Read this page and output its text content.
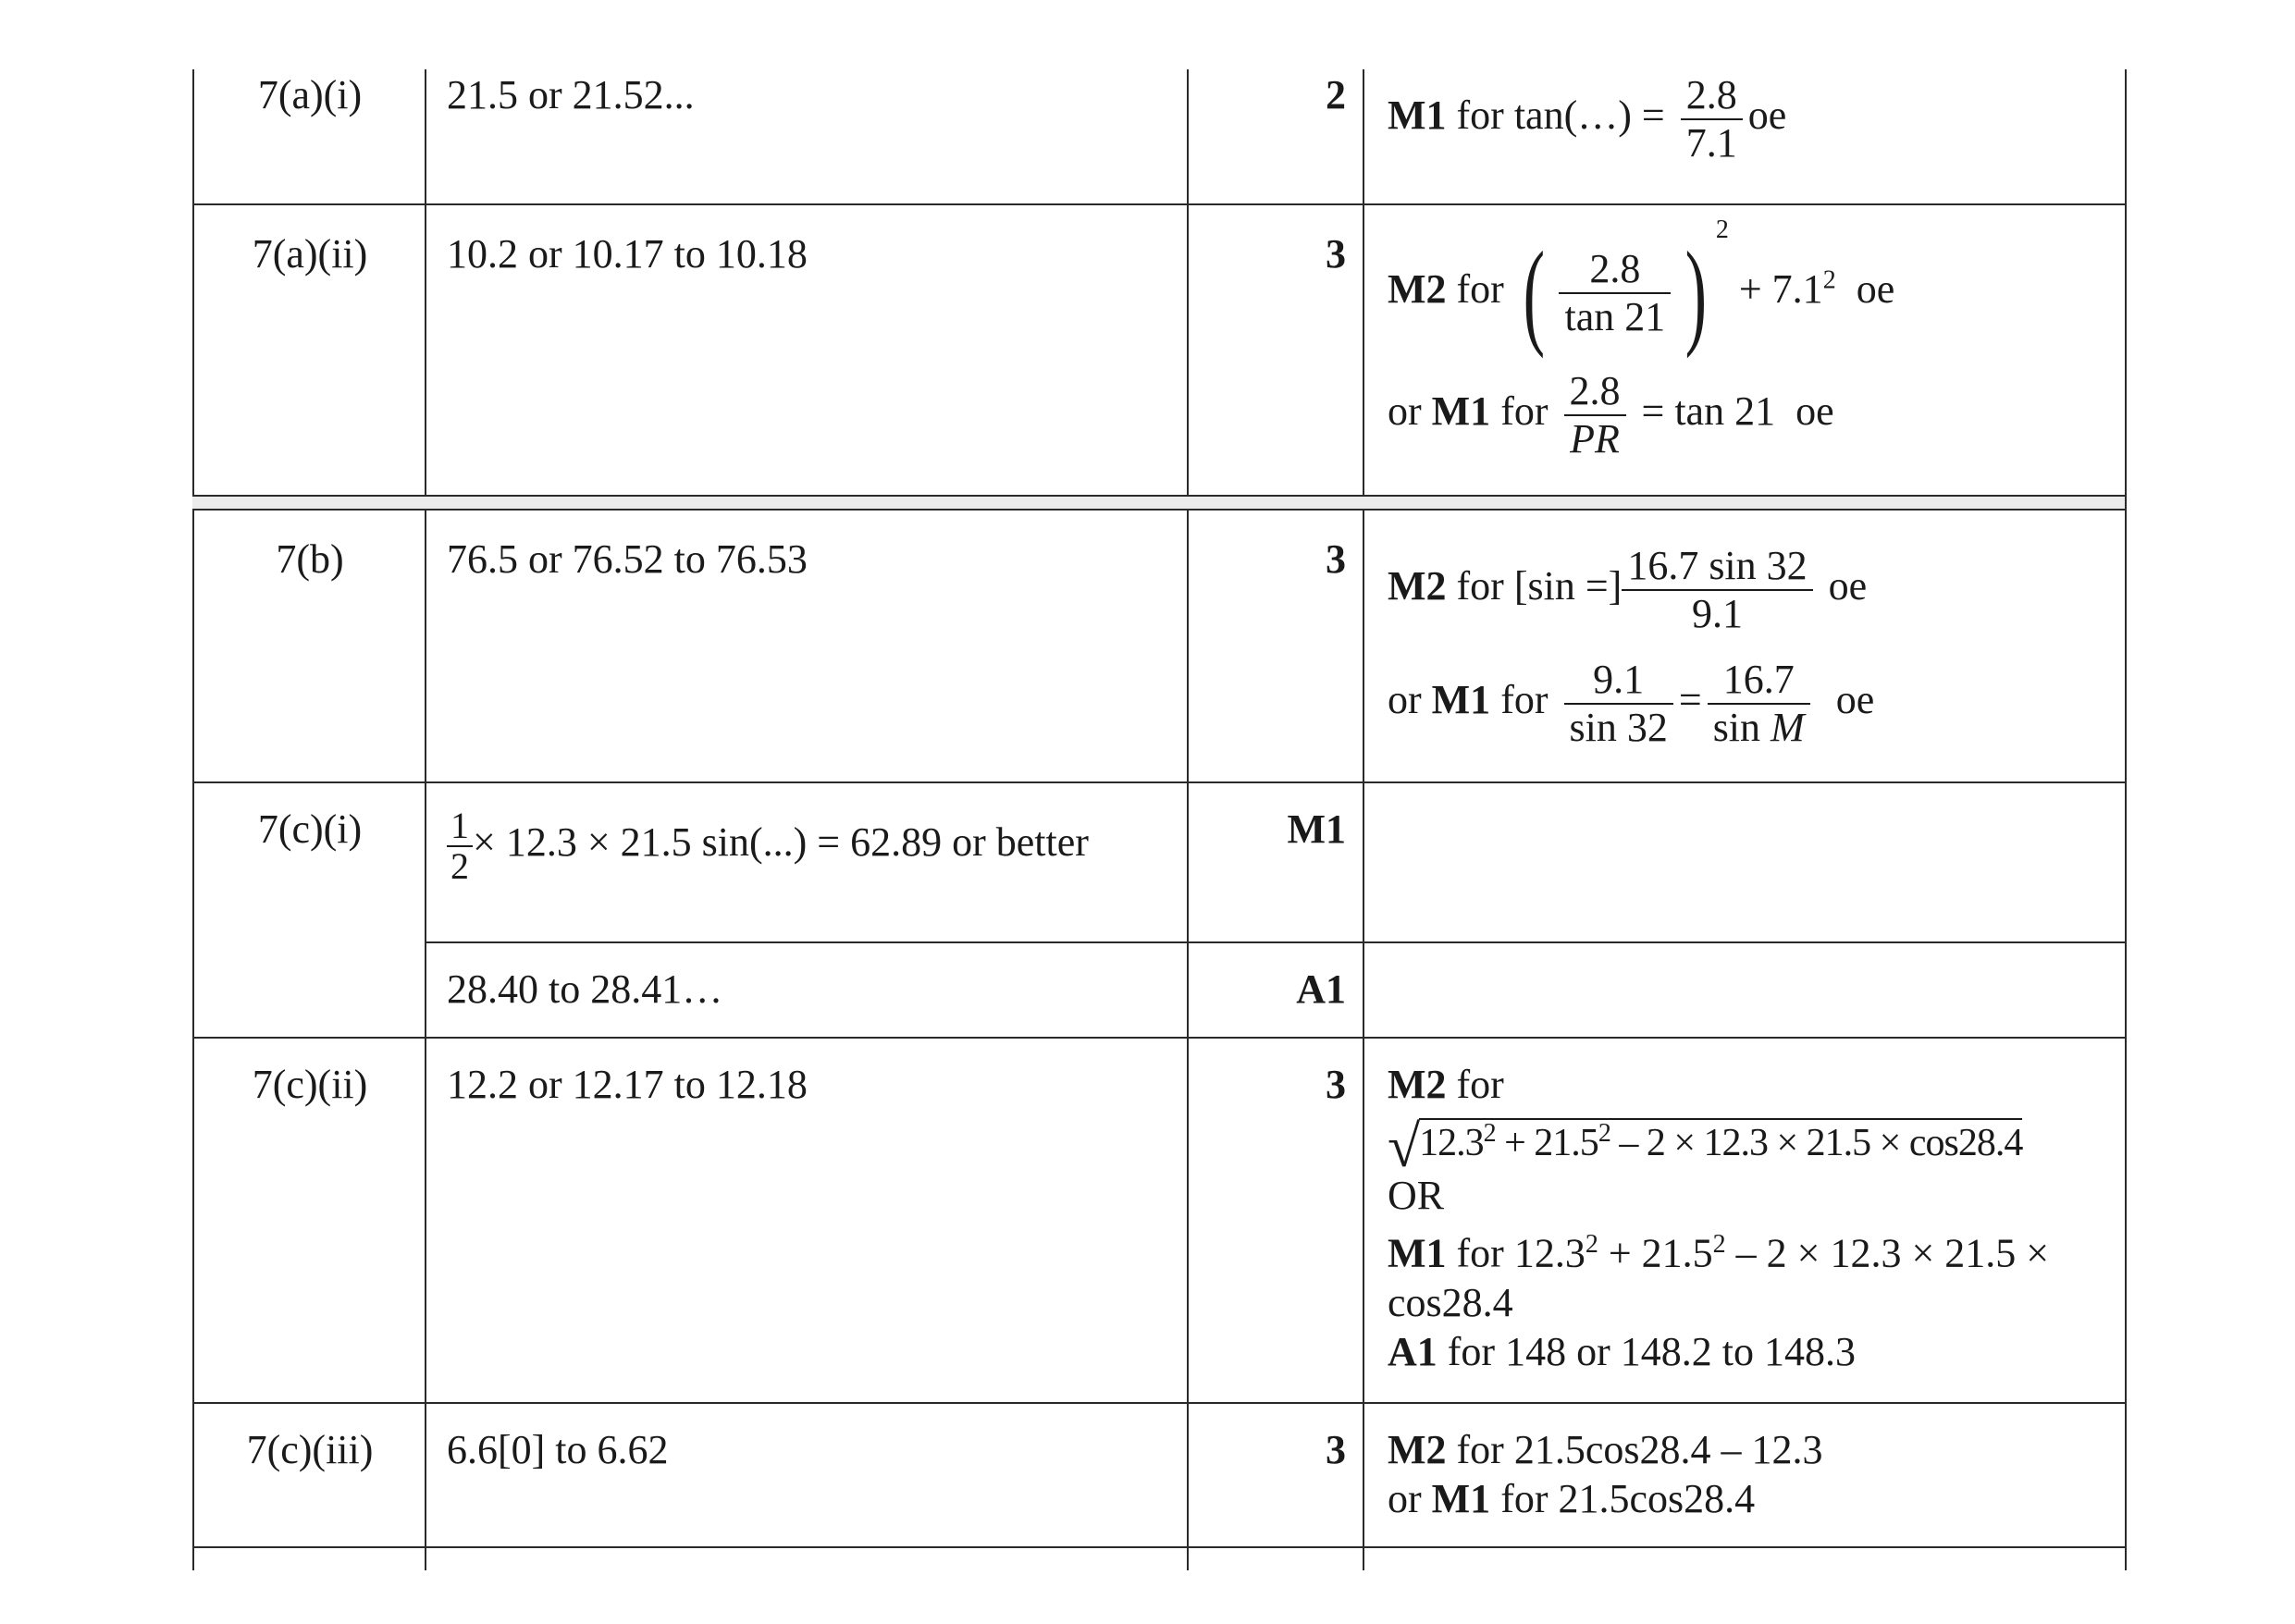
7(a)(i)	21.5 or 21.52...	2 M1 for tan(…) = $\frac{2.8}{7.1}$ oe
7(a)(ii)	10.2 or 10.17 to 10.18	3
M2 for ( $\frac{2.8}{\tan 21}$ ) $^2 + 7.1^2$ oe
or M1 for $\frac{2.8}{PR} = \tan 21$ oe
7(b)	76.5 or 76.52 to 76.53	3
M2 for [sin =] $\frac{16.7 \sin 32}{9.1}$ oe
or M1 for $\frac{9.1}{\sin 32} = \frac{16.7}{\text{sin M}}$ oe
7(c)(i)	$\frac{1}{2} \times 12.3 \times 21.5$ sin(...) = 62.89 or better	M1
28.40 to 28.41…	A1
7(c)(ii)	12.2 or 12.17 to 12.18	3 M2 for
$√12.3^2 + 21.5^2 - 2 \times 12.3 \times 21.5 \times \cos 28.4$
OR
M1 for $12.3^2 + 21.5^2 - 2 \times 12.3 \times 21.5$ ×
cos28.4
A1 for 148 or 148.2 to 148.3
7(c)(iii)	6.6[0] to 6.62	3 M2 for 21.5cos28.4 – 12.3
or M1 for 21.5cos28.4
